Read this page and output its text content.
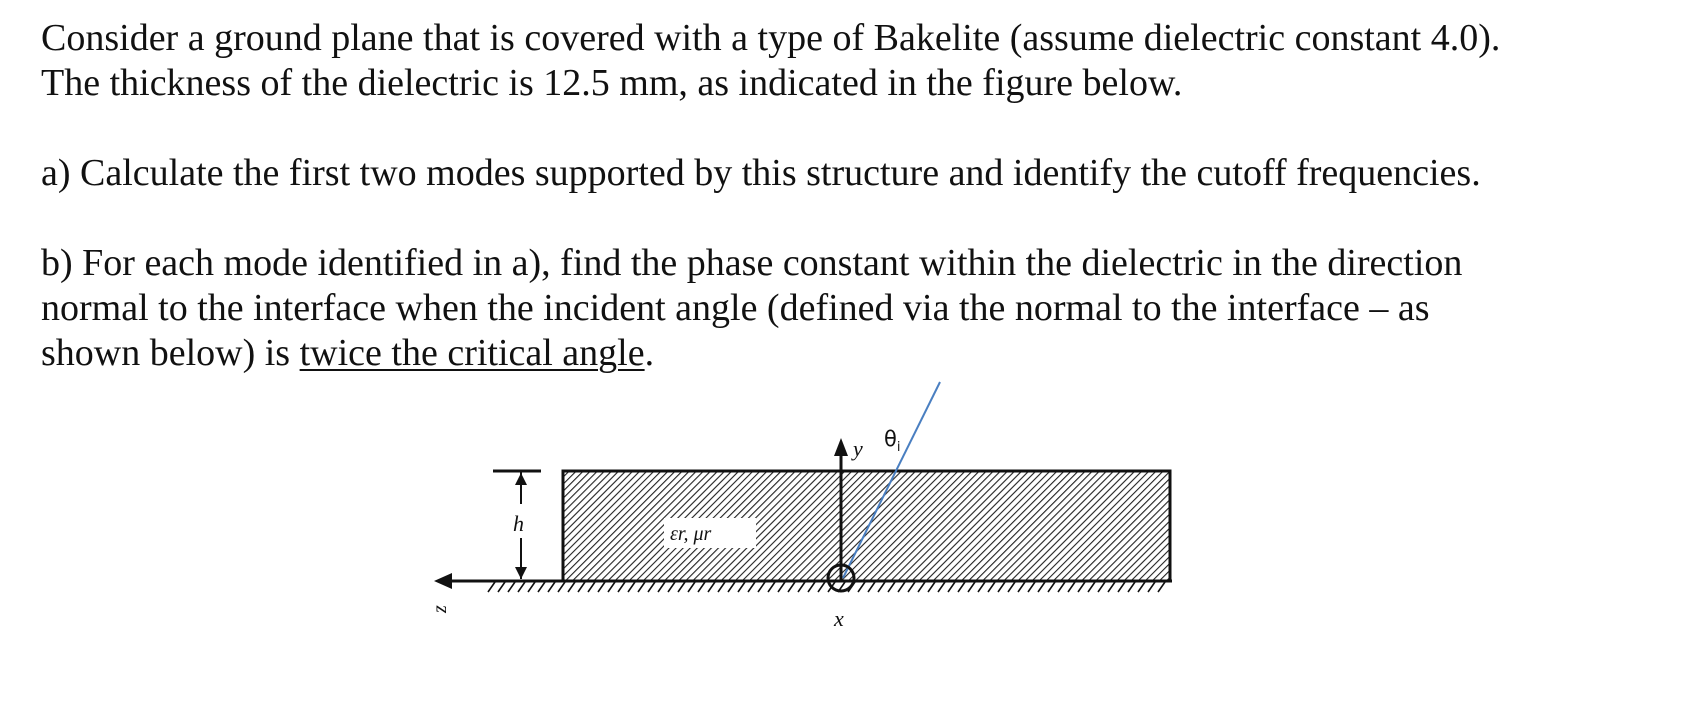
Consider a ground plane that is covered with a type of Bakelite (assume dielectric constant 4.0).
The thickness of the dielectric is 12.5 mm, as indicated in the figure below.
a) Calculate the first two modes supported by this structure and identify the cutoff frequencies.
b) For each mode identified in a), find the phase constant within the dielectric in the direction
normal to the interface when the incident angle (defined via the normal to the interface – as
shown below) is twice the critical angle.
z
h	εr, μr
y $\theta_i$
x
